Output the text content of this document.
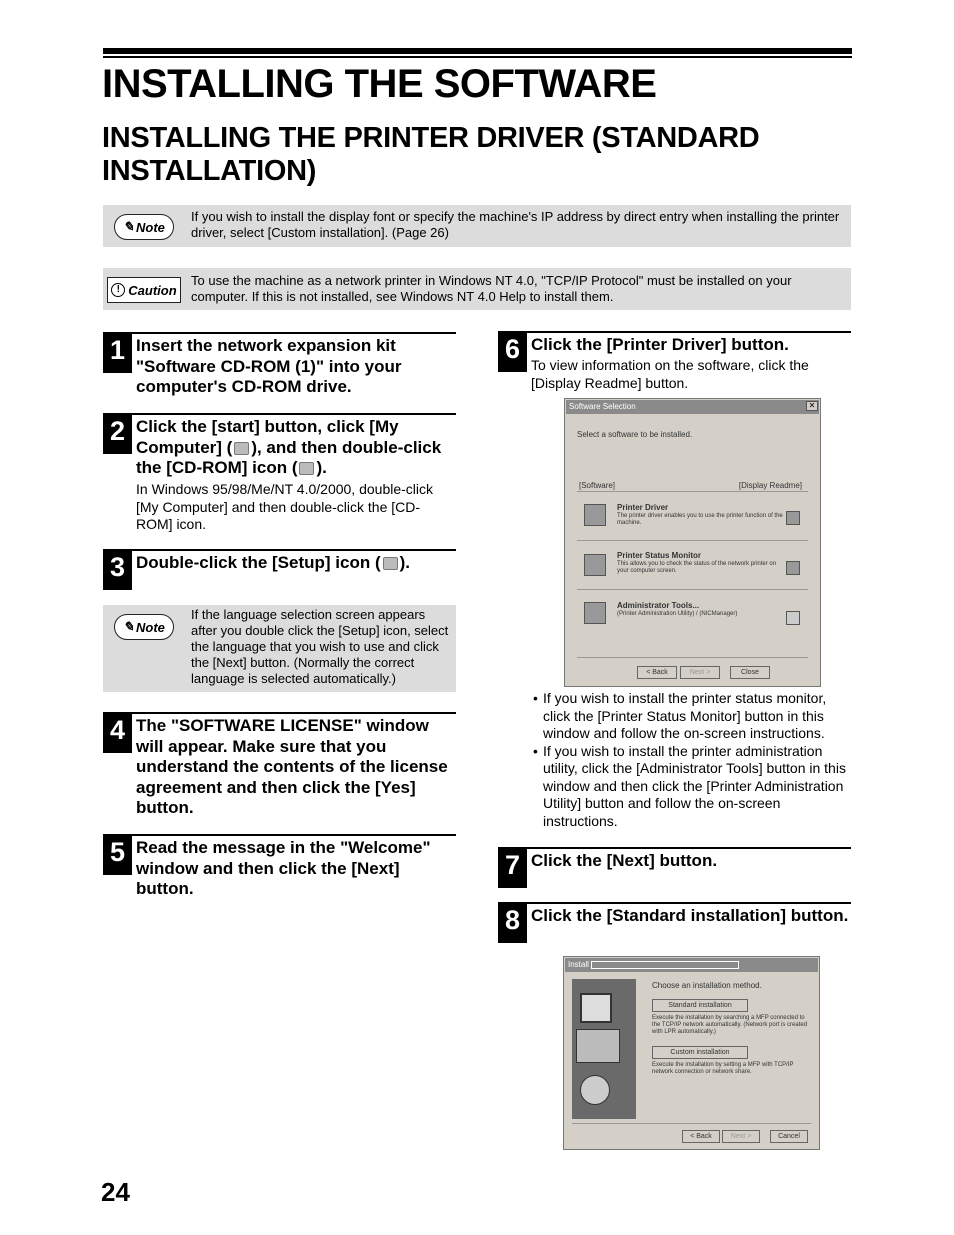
INSTALLING THE SOFTWARE
INSTALLING THE PRINTER DRIVER (STANDARD INSTALLATION)
✎ Note
If you wish to install the display font or specify the machine's IP address by direct entry when installing the printer driver, select [Custom installation]. (Page 26)
! Caution
To use the machine as a network printer in Windows NT 4.0, "TCP/IP Protocol" must be installed on your computer. If this is not installed, see Windows NT 4.0 Help to install them.
1 Insert the network expansion kit "Software CD-ROM (1)" into your computer's CD-ROM drive.
2 Click the [start] button, click [My Computer] ( ), and then double-click the [CD-ROM] icon ( ).
In Windows 95/98/Me/NT 4.0/2000, double-click [My Computer] and then double-click the [CD-ROM] icon.
3 Double-click the [Setup] icon ( ).
✎ Note
If the language selection screen appears after you double click the [Setup] icon, select the language that you wish to use and click the [Next] button. (Normally the correct language is selected automatically.)
4 The "SOFTWARE LICENSE" window will appear. Make sure that you understand the contents of the license agreement and then click the [Yes] button.
5 Read the message in the "Welcome" window and then click the [Next] button.
6 Click the [Printer Driver] button.
To view information on the software, click the [Display Readme] button.
Software Selection	✕
Select a software to be installed.
[Software]	[Display Readme]
Printer Driver
The printer driver enables you to use the printer function of the machine.
Printer Status Monitor
This allows you to check the status of the network printer on your computer screen.
Administrator Tools...
(Printer Administration Utility) / (NICManager)
< Back	Next >	Close
• If you wish to install the printer status monitor, click the [Printer Status Monitor] button in this window and follow the on-screen instructions.
• If you wish to install the printer administration utility, click the [Administrator Tools] button in this window and then click the [Printer Administration Utility] button and follow the on-screen instructions.
7 Click the [Next] button.
8 Click the [Standard installation] button.
Install
Choose an installation method.
Standard installation
Execute the installation by searching a MFP connected to the TCP/IP network automatically. (Network port is created with LPR automatically.)
Custom installation
Execute the installation by setting a MFP with TCP/IP network connection or network share.
< Back	Next >	Cancel
24
